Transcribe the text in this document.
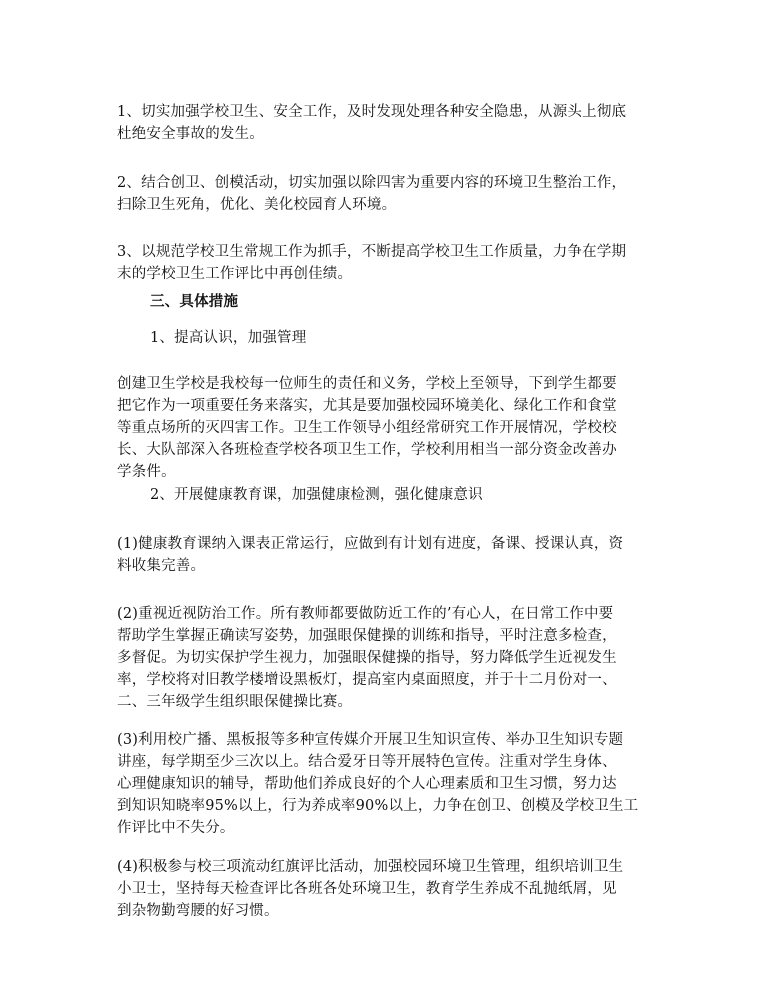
1、切实加强学校卫生、安全工作，及时发现处理各种安全隐患，从源头上彻底
杜绝安全事故的发生。

2、结合创卫、创模活动，切实加强以除四害为重要内容的环境卫生整治工作，
扫除卫生死角，优化、美化校园育人环境。

3、以规范学校卫生常规工作为抓手，不断提高学校卫生工作质量，力争在学期
末的学校卫生工作评比中再创佳绩。

三、具体措施

1、提高认识，加强管理

创建卫生学校是我校每一位师生的责任和义务，学校上至领导，下到学生都要
把它作为一项重要任务来落实，尤其是要加强校园环境美化、绿化工作和食堂
等重点场所的灭四害工作。卫生工作领导小组经常研究工作开展情况，学校校
长、大队部深入各班检查学校各项卫生工作，学校利用相当一部分资金改善办
学条件。

2、开展健康教育课，加强健康检测，强化健康意识

(1)健康教育课纳入课表正常运行，应做到有计划有进度，备课、授课认真，资
料收集完善。

(2)重视近视防治工作。所有教师都要做防近工作的’有心人，在日常工作中要
帮助学生掌握正确读写姿势，加强眼保健操的训练和指导，平时注意多检查，
多督促。为切实保护学生视力，加强眼保健操的指导，努力降低学生近视发生
率，学校将对旧教学楼增设黑板灯，提高室内桌面照度，并于十二月份对一、
二、三年级学生组织眼保健操比赛。

(3)利用校广播、黑板报等多种宣传媒介开展卫生知识宣传、举办卫生知识专题
讲座，每学期至少三次以上。结合爱牙日等开展特色宣传。注重对学生身体、
心理健康知识的辅导，帮助他们养成良好的个人心理素质和卫生习惯，努力达
到知识知晓率95%以上，行为养成率90%以上，力争在创卫、创模及学校卫生工
作评比中不失分。

(4)积极参与校三项流动红旗评比活动，加强校园环境卫生管理，组织培训卫生
小卫士，坚持每天检查评比各班各处环境卫生，教育学生养成不乱抛纸屑，见
到杂物勤弯腰的好习惯。
